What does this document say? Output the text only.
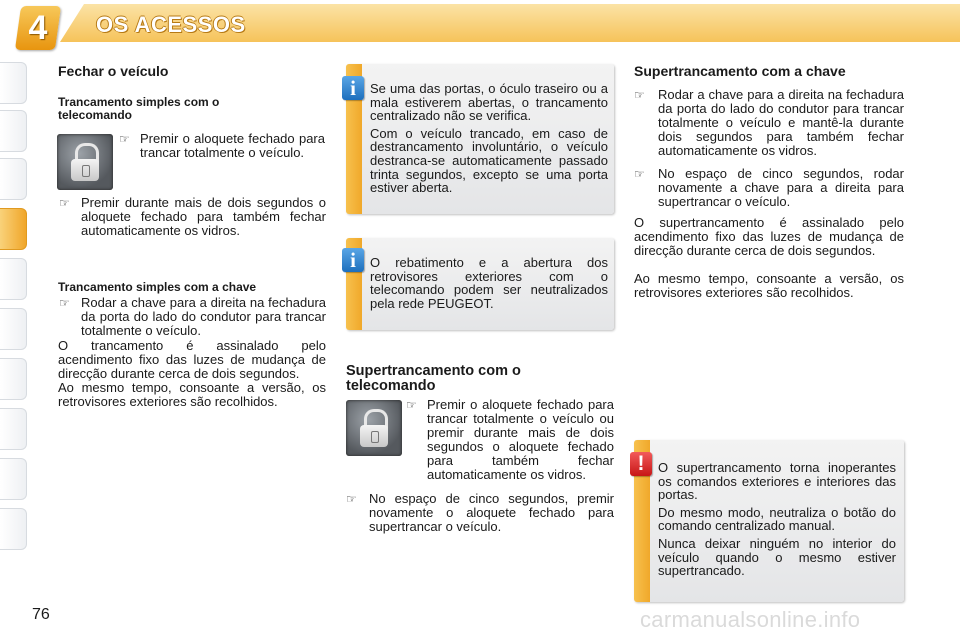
4	OS ACESSOS
Fechar o veículo
Trancamento simples com o telecomando
☞ Premir o aloquete fechado para trancar totalmente o veículo.
☞ Premir durante mais de dois segundos o aloquete fechado para também fechar automaticamente os vidros.
Trancamento simples com a chave
☞ Rodar a chave para a direita na fechadura da porta do lado do condutor para trancar totalmente o veículo.
O trancamento é assinalado pelo acendimento fixo das luzes de mudança de direcção durante cerca de dois segundos.
Ao mesmo tempo, consoante a versão, os retrovisores exteriores são recolhidos.
i	Se uma das portas, o óculo traseiro ou a mala estiverem abertas, o trancamento centralizado não se verifica.

Com o veículo trancado, em caso de destrancamento involuntário, o veículo destranca-se automaticamente passado trinta segundos, excepto se uma porta estiver aberta.

i	O rebatimento e a abertura dos retrovisores exteriores com o telecomando podem ser neutralizados pela rede PEUGEOT.

Supertrancamento com o telecomando
☞ Premir o aloquete fechado para trancar totalmente o veículo ou premir durante mais de dois segundos o aloquete fechado para também fechar automaticamente os vidros.
☞ No espaço de cinco segundos, premir novamente o aloquete fechado para supertrancar o veículo.
Supertrancamento com a chave
☞	Rodar a chave para a direita na fechadura da porta do lado do condutor para trancar totalmente o veículo e mantê-la durante dois segundos para também fechar automaticamente os vidros.
☞	No espaço de cinco segundos, rodar novamente a chave para a direita para supertrancar o veículo.
O supertrancamento é assinalado pelo acendimento fixo das luzes de mudança de direcção durante cerca de dois segundos.
Ao mesmo tempo, consoante a versão, os retrovisores exteriores são recolhidos.
!	O supertrancamento torna inoperantes os comandos exteriores e interiores das portas.

Do mesmo modo, neutraliza o botão do comando centralizado manual.

Nunca deixar ninguém no interior do veículo quando o mesmo estiver supertrancado.

76	carmanualsonline.info
